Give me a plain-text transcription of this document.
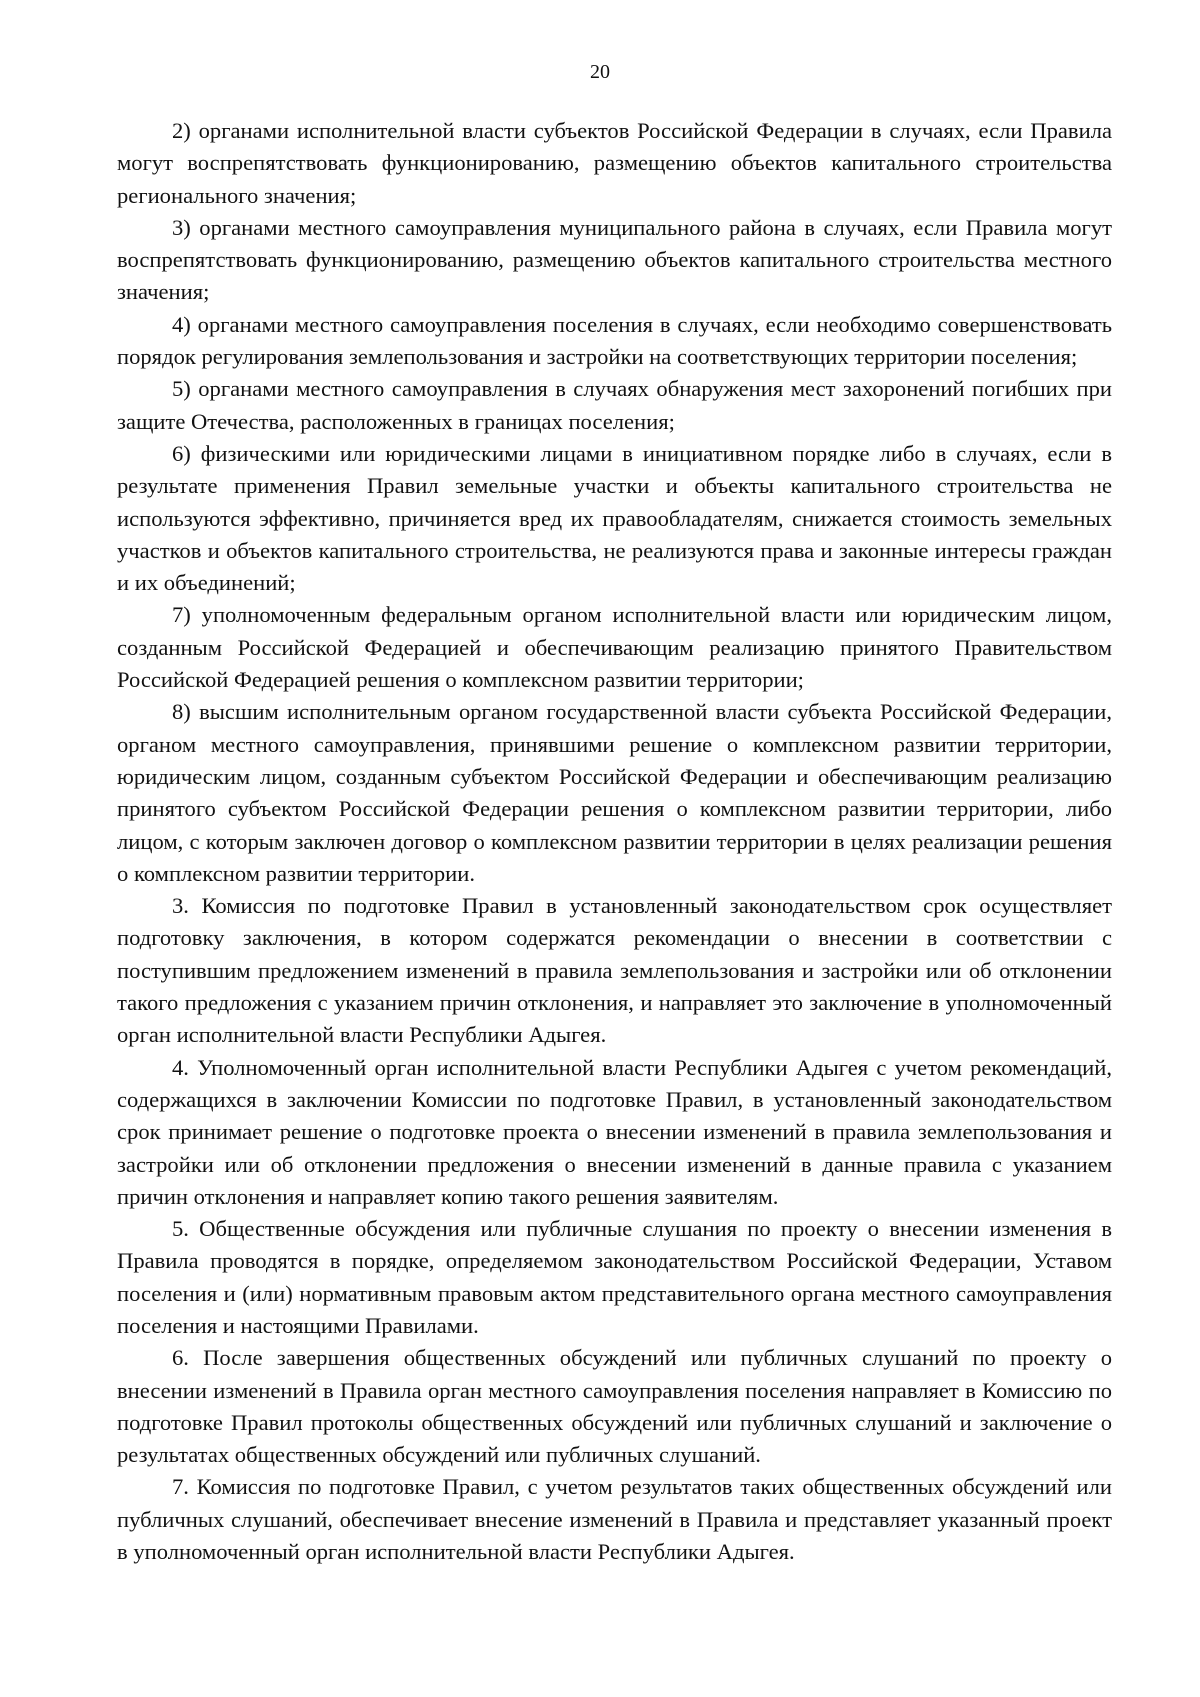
20

2) органами исполнительной власти субъектов Российской Федерации в случаях, если Правила могут воспрепятствовать функционированию, размещению объектов капитального строительства регионального значения;

3) органами местного самоуправления муниципального района в случаях, если Правила могут воспрепятствовать функционированию, размещению объектов капитального строительства местного значения;

4) органами местного самоуправления поселения в случаях, если необходимо совершенствовать порядок регулирования землепользования и застройки на соответствующих территории поселения;

5) органами местного самоуправления в случаях обнаружения мест захоронений погибших при защите Отечества, расположенных в границах поселения;

6) физическими или юридическими лицами в инициативном порядке либо в случаях, если в результате применения Правил земельные участки и объекты капитального строительства не используются эффективно, причиняется вред их правообладателям, снижается стоимость земельных участков и объектов капитального строительства, не реализуются права и законные интересы граждан и их объединений;

7) уполномоченным федеральным органом исполнительной власти или юридическим лицом, созданным Российской Федерацией и обеспечивающим реализацию принятого Правительством Российской Федерацией решения о комплексном развитии территории;

8) высшим исполнительным органом государственной власти субъекта Российской Федерации, органом местного самоуправления, принявшими решение о комплексном развитии территории, юридическим лицом, созданным субъектом Российской Федерации и обеспечивающим реализацию принятого субъектом Российской Федерации решения о комплексном развитии территории, либо лицом, с которым заключен договор о комплексном развитии территории в целях реализации решения о комплексном развитии территории.

3. Комиссия по подготовке Правил в установленный законодательством срок осуществляет подготовку заключения, в котором содержатся рекомендации о внесении в соответствии с поступившим предложением изменений в правила землепользования и застройки или об отклонении такого предложения с указанием причин отклонения, и направляет это заключение в уполномоченный орган исполнительной власти Республики Адыгея.

4. Уполномоченный орган исполнительной власти Республики Адыгея с учетом рекомендаций, содержащихся в заключении Комиссии по подготовке Правил, в установленный законодательством срок принимает решение о подготовке проекта о внесении изменений в правила землепользования и застройки или об отклонении предложения о внесении изменений в данные правила с указанием причин отклонения и направляет копию такого решения заявителям.

5. Общественные обсуждения или публичные слушания по проекту о внесении изменения в Правила проводятся в порядке, определяемом законодательством Российской Федерации, Уставом поселения и (или) нормативным правовым актом представительного органа местного самоуправления поселения и настоящими Правилами.

6. После завершения общественных обсуждений или публичных слушаний по проекту о внесении изменений в Правила орган местного самоуправления поселения направляет в Комиссию по подготовке Правил протоколы общественных обсуждений или публичных слушаний и заключение о результатах общественных обсуждений или публичных слушаний.

7. Комиссия по подготовке Правил, с учетом результатов таких общественных обсуждений или публичных слушаний, обеспечивает внесение изменений в Правила и представляет указанный проект в уполномоченный орган исполнительной власти Республики Адыгея.
